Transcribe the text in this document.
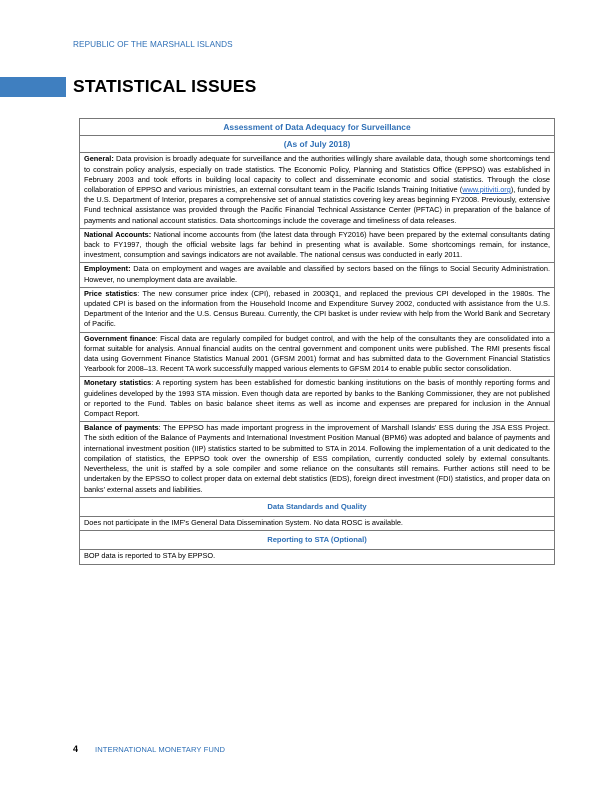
REPUBLIC OF THE MARSHALL ISLANDS
STATISTICAL ISSUES
Assessment of Data Adequacy for Surveillance
(As of July 2018)
General: Data provision is broadly adequate for surveillance and the authorities willingly share available data, though some shortcomings tend to constrain policy analysis, especially on trade statistics. The Economic Policy, Planning and Statistics Office (EPPSO) was established in February 2003 and took efforts in building local capacity to collect and disseminate economic and social statistics. Through the close collaboration of EPPSO and various ministries, an external consultant team in the Pacific Islands Training Initiative (www.pitiviti.org), funded by the U.S. Department of Interior, prepares a comprehensive set of annual statistics covering key areas beginning FY2008. Previously, extensive Fund technical assistance was provided through the Pacific Financial Technical Assistance Center (PFTAC) in preparation of the balance of payments and national account statistics. Data shortcomings include the coverage and timeliness of data releases.
National Accounts: National income accounts from (the latest data through FY2016) have been prepared by the external consultants dating back to FY1997, though the official website lags far behind in presenting what is available. Some shortcomings remain, for instance, investment, consumption and savings indicators are not available. The national census was conducted in early 2011.
Employment: Data on employment and wages are available and classified by sectors based on the filings to Social Security Administration. However, no unemployment data are available.
Price statistics: The new consumer price index (CPI), rebased in 2003Q1, and replaced the previous CPI developed in the 1980s. The updated CPI is based on the information from the Household Income and Expenditure Survey 2002, conducted with assistance from the U.S. Department of the Interior and the U.S. Census Bureau. Currently, the CPI basket is under review with help from the World Bank and Secretary of Pacific.
Government finance: Fiscal data are regularly compiled for budget control, and with the help of the consultants they are consolidated into a format suitable for analysis. Annual financial audits on the central government and component units were published. The RMI presents fiscal data using Government Finance Statistics Manual 2001 (GFSM 2001) format and has submitted data to the Government Financial Statistics Yearbook for 2008–13. Recent TA work successfully mapped various elements to GFSM 2014 to enable public sector consolidation.
Monetary statistics: A reporting system has been established for domestic banking institutions on the basis of monthly reporting forms and guidelines developed by the 1993 STA mission. Even though data are reported by banks to the Banking Commissioner, they are not published or reported to the Fund. Tables on basic balance sheet items as well as income and expenses are prepared for inclusion in the Annual Compact Report.
Balance of payments: The EPPSO has made important progress in the improvement of Marshall Islands' ESS during the JSA ESS Project. The sixth edition of the Balance of Payments and International Investment Position Manual (BPM6) was adopted and balance of payments and international investment position (IIP) statistics started to be submitted to STA in 2014. Following the implementation of a unit dedicated to the compilation of statistics, the EPPSO took over the ownership of ESS compilation, currently conducted solely by external consultants. Nevertheless, the unit is staffed by a sole compiler and some reliance on the consultants still remains. Further actions still need to be undertaken by the EPSSO to collect proper data on external debt statistics (EDS), foreign direct investment (FDI) statistics, and proper data on banks' external assets and liabilities.
Data Standards and Quality
Does not participate in the IMF's General Data Dissemination System. No data ROSC is available.
Reporting to STA (Optional)
BOP data is reported to STA by EPPSO.
4 INTERNATIONAL MONETARY FUND
